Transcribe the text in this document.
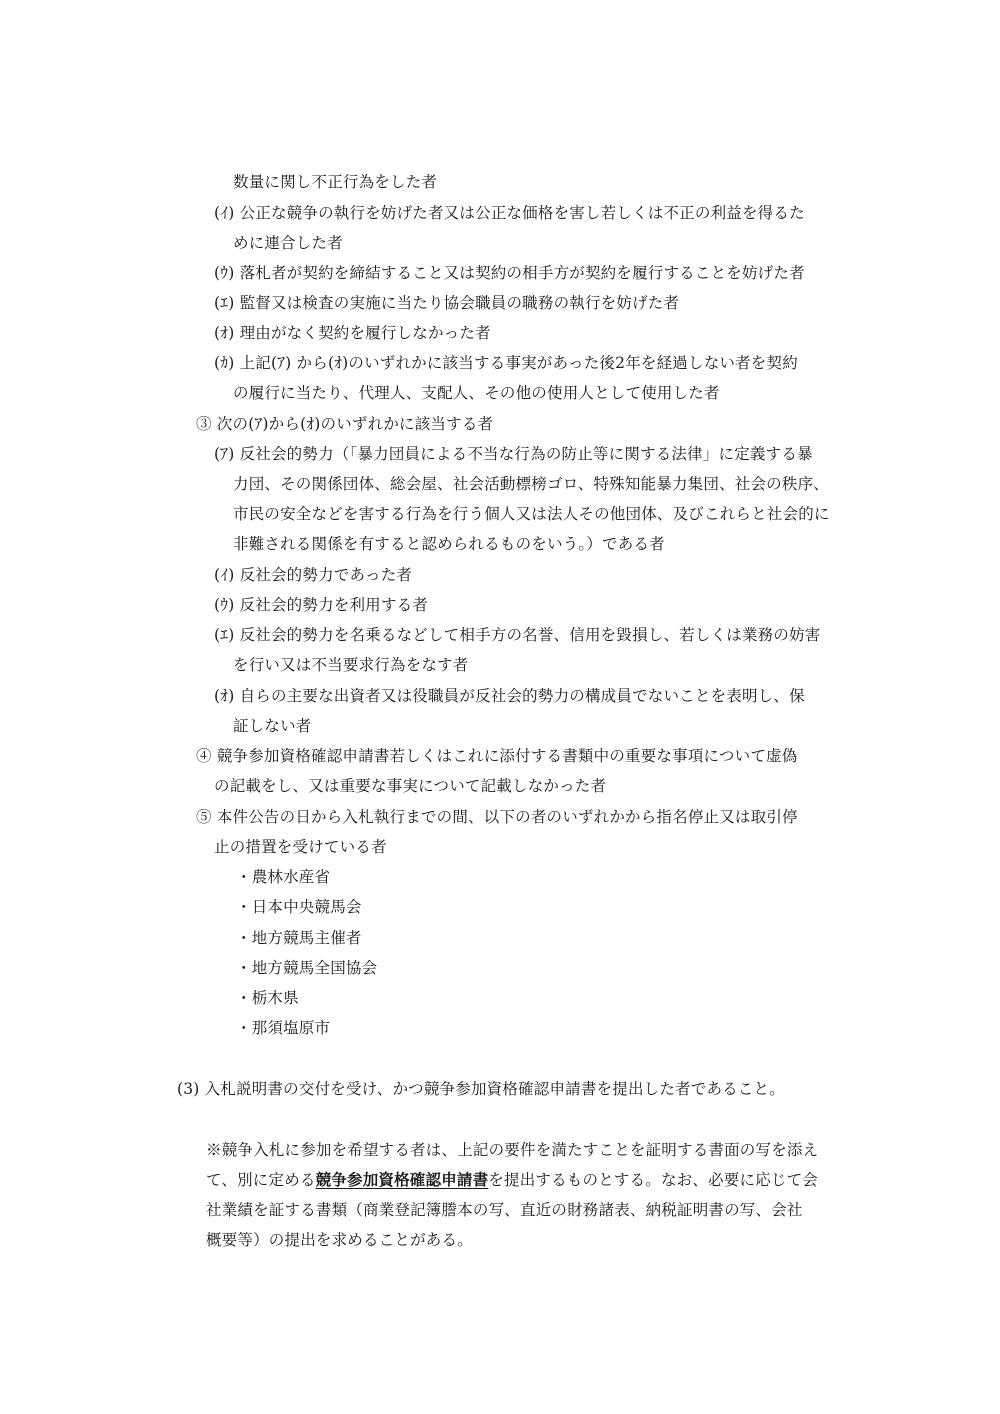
数量に関し不正行為をした者
(ｲ) 公正な競争の執行を妨げた者又は公正な価格を害し若しくは不正の利益を得るた
めに連合した者
(ｳ) 落札者が契約を締結すること又は契約の相手方が契約を履行することを妨げた者
(ｴ) 監督又は検査の実施に当たり協会職員の職務の執行を妨げた者
(ｵ) 理由がなく契約を履行しなかった者
(ｶ) 上記(ｱ) から(ｵ)のいずれかに該当する事実があった後2年を経過しない者を契約
の履行に当たり、代理人、支配人、その他の使用人として使用した者
③ 次の(ｱ)から(ｵ)のいずれかに該当する者
(ｱ) 反社会的勢力（「暴力団員による不当な行為の防止等に関する法律」に定義する暴
力団、その関係団体、総会屋、社会活動標榜ゴロ、特殊知能暴力集団、社会の秩序、
市民の安全などを害する行為を行う個人又は法人その他団体、及びこれらと社会的に
非難される関係を有すると認められるものをいう。）である者
(ｲ) 反社会的勢力であった者
(ｳ) 反社会的勢力を利用する者
(ｴ) 反社会的勢力を名乗るなどして相手方の名誉、信用を毀損し、若しくは業務の妨害
を行い又は不当要求行為をなす者
(ｵ) 自らの主要な出資者又は役職員が反社会的勢力の構成員でないことを表明し、保
証しない者
④ 競争参加資格確認申請書若しくはこれに添付する書類中の重要な事項について虚偽
の記載をし、又は重要な事実について記載しなかった者
⑤ 本件公告の日から入札執行までの間、以下の者のいずれかから指名停止又は取引停
止の措置を受けている者
・農林水産省
・日本中央競馬会
・地方競馬主催者
・地方競馬全国協会
・栃木県
・那須塩原市
(3) 入札説明書の交付を受け、かつ競争参加資格確認申請書を提出した者であること。
※競争入札に参加を希望する者は、上記の要件を満たすことを証明する書面の写を添え
て、別に定める競争参加資格確認申請書を提出するものとする。なお、必要に応じて会
社業績を証する書類（商業登記簿謄本の写、直近の財務諸表、納税証明書の写、会社
概要等）の提出を求めることがある。
